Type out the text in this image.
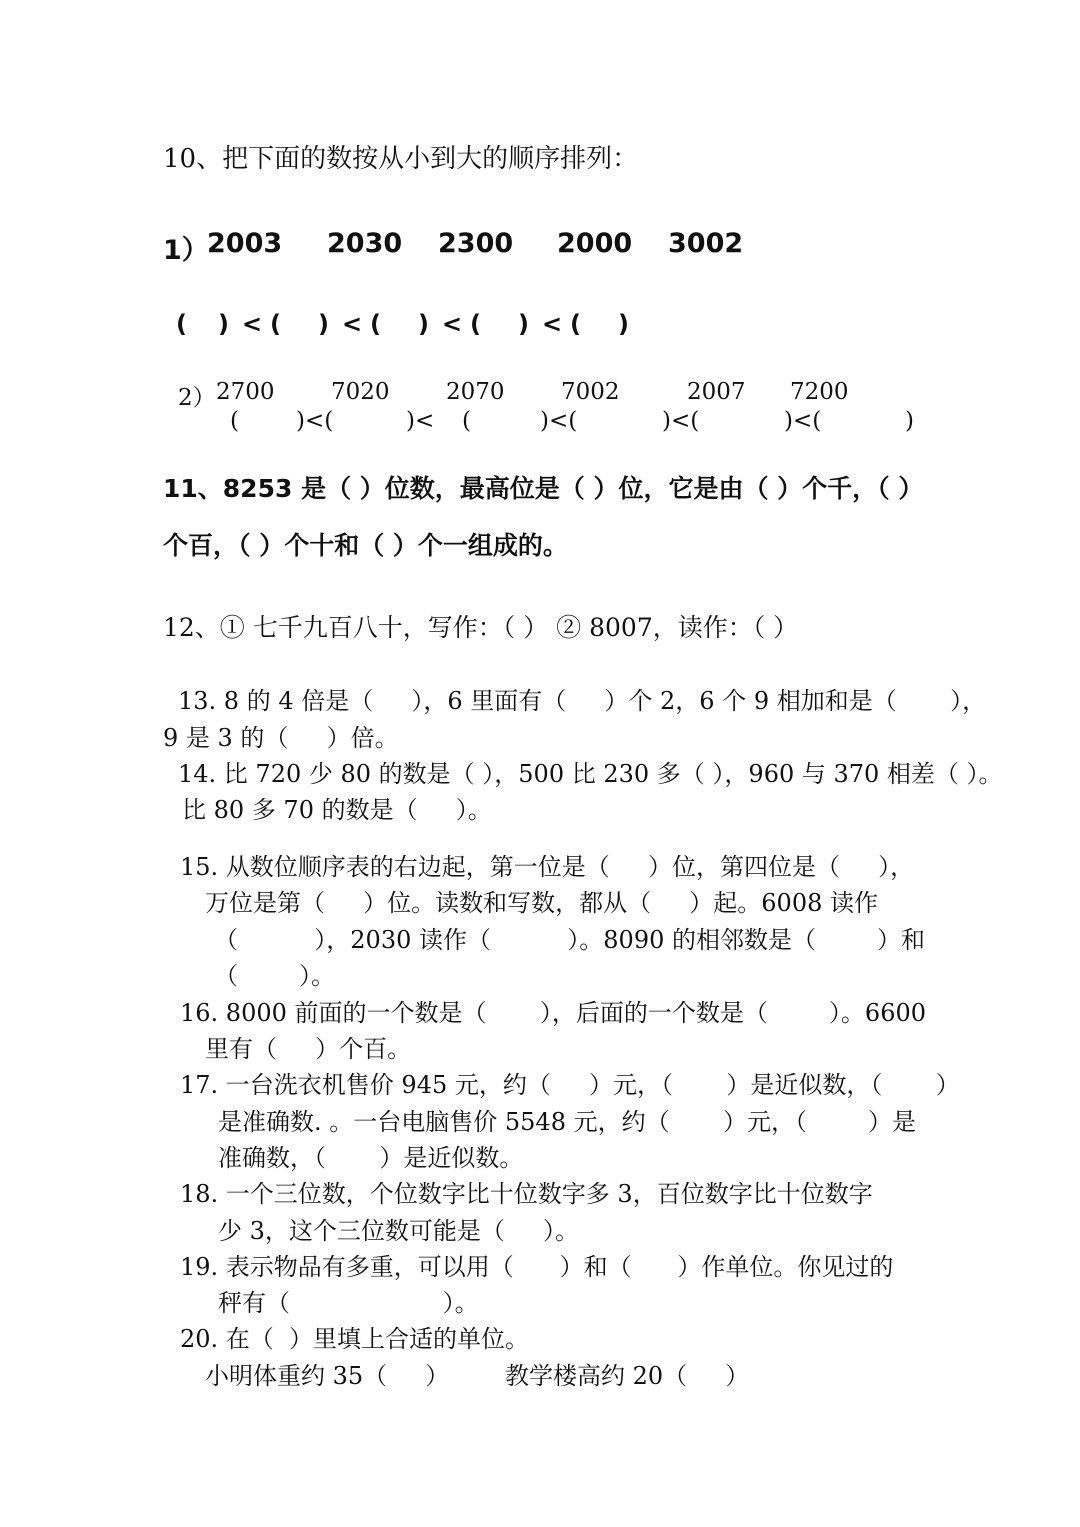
10、把下面的数按从小到大的顺序排列：
1）
2003 2030 2300 2000 3002
( ) < ( ) < ( ) < ( ) < ( )
2） 2700 7020 2070 7002	2007 7200
( )<(	)< (	)<(	)<(	)<(	)
11、8253 是（ ）位数，最高位是（ ）位，它是由（ ）个千，（ ）
个百，（ ）个十和（ ）个一组成的。
12、① 七千九百八十，写作：（ ） ② 8007，读作：（ ）
13. 8 的 4 倍是（     ），6 里面有（     ）个 2，6 个 9 相加和是（       ），
9 是 3 的（     ）倍。
14. 比 720 少 80 的数是（ ），500 比 230 多（ ），960 与 370 相差（ ）。
比 80 多 70 的数是（     ）。
15. 从数位顺序表的右边起，第一位是（     ）位，第四位是（     ），
万位是第（     ）位。读数和写数，都从（     ）起。6008 读作
（          ），2030 读作（          ）。8090 的相邻数是（        ）和
（        ）。
16. 8000 前面的一个数是（       ），后面的一个数是（        ）。6600
里有（     ）个百。
17. 一台洗衣机售价 945 元，约（     ）元，（       ）是近似数，（       ）
是准确数. 。一台电脑售价 5548 元，约（       ）元，（        ）是
准确数，（       ）是近似数。
18. 一个三位数，个位数字比十位数字多 3，百位数字比十位数字
少 3，这个三位数可能是（     ）。
19. 表示物品有多重，可以用（      ）和（      ）作单位。你见过的
秤有（                    ）。
20. 在（  ）里填上合适的单位。
小明体重约 35（     ） 教学楼高约 20（     ）
